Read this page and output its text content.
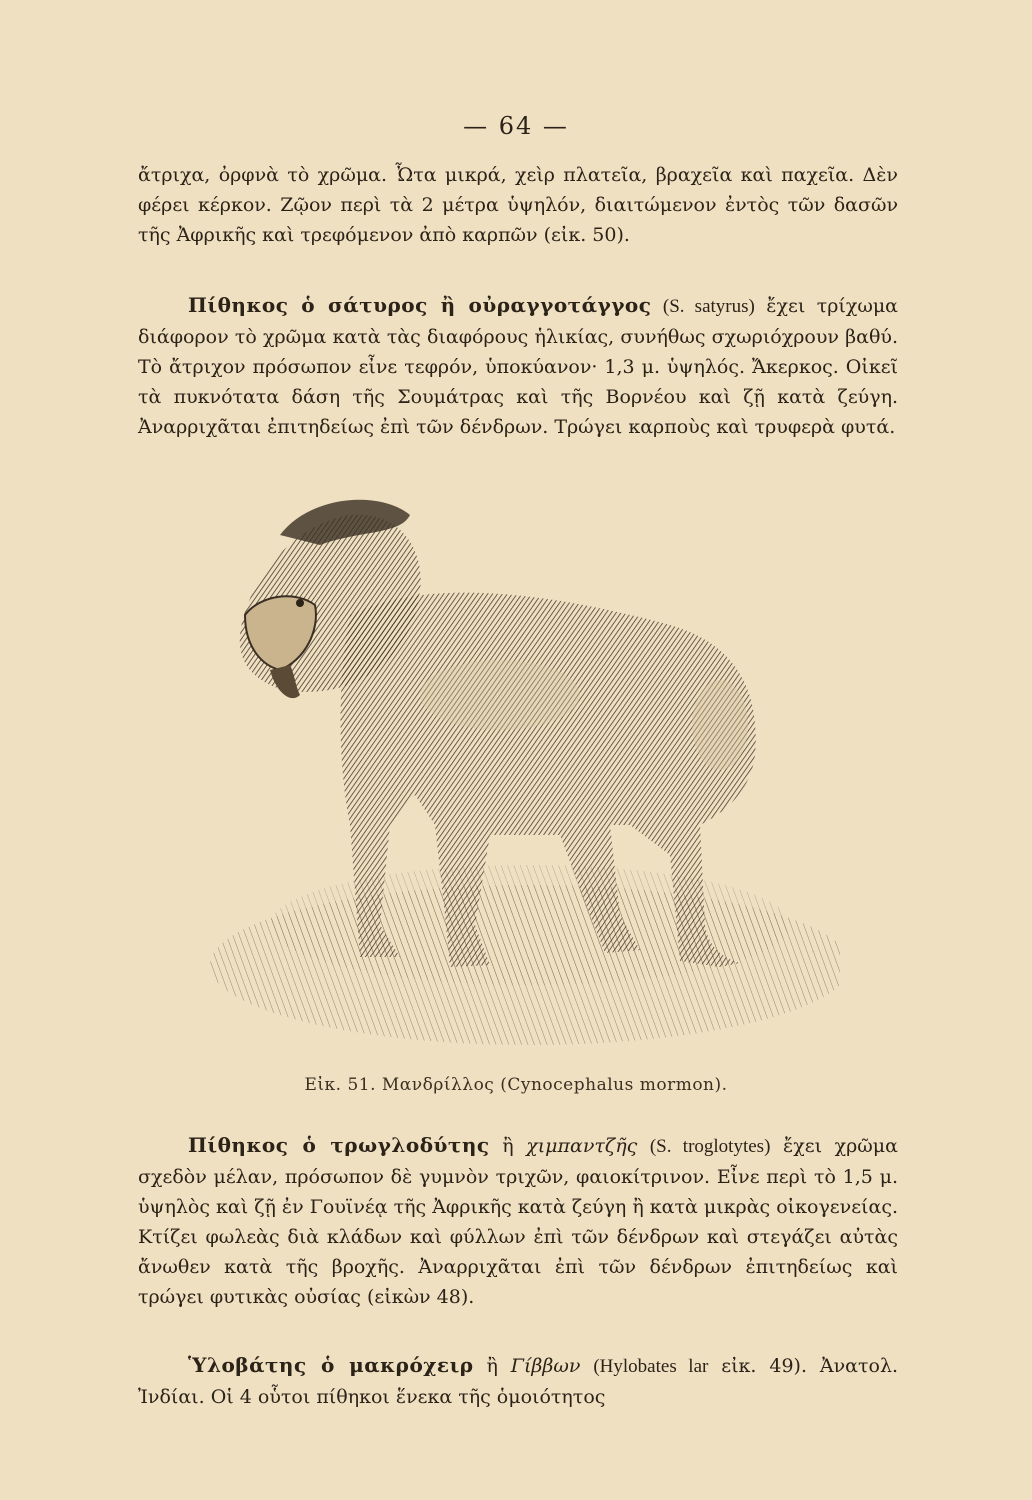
— 64 —
ἄτριχα, ὀρφνὰ τὸ χρῶμα. Ὦτα μικρά, χεὶρ πλατεῖα, βραχεῖα καὶ παχεῖα. Δὲν φέρει κέρκον. Ζῷον περὶ τὰ 2 μέτρα ὑψηλόν, διαιτώμενον ἐντὸς τῶν δασῶν τῆς Ἀφρικῆς καὶ τρεφόμενον ἀπὸ καρπῶν (εἰκ. 50).
Πίθηκος ὁ σάτυρος ἢ οὐραγγοτάγγος (S. satyrus) ἔχει τρίχωμα διάφορον τὸ χρῶμα κατὰ τὰς διαφόρους ἡλικίας, συνήθως σχωριόχρουν βαθύ. Τὸ ἄτριχον πρόσωπον εἶνε τεφρόν, ὑποκύανον· 1,3 μ. ὑψηλός. Ἄκερκος. Οἰκεῖ τὰ πυκνότατα δάση τῆς Σουμάτρας καὶ τῆς Βορνέου καὶ ζῇ κατὰ ζεύγη. Ἀναρριχᾶται ἐπιτηδείως ἐπὶ τῶν δένδρων. Τρώγει καρποὺς καὶ τρυφερὰ φυτά.
Εἰκ. 51. Μανδρίλλος (Cynocephalus mormon).
Πίθηκος ὁ τρωγλοδύτης ἢ χιμπαντζῆς (S. troglotytes) ἔχει χρῶμα σχεδὸν μέλαν, πρόσωπον δὲ γυμνὸν τριχῶν, φαιοκίτρινον. Εἶνε περὶ τὸ 1,5 μ. ὑψηλὸς καὶ ζῇ ἐν Γουϊνέᾳ τῆς Ἀφρικῆς κατὰ ζεύγη ἢ κατὰ μικρὰς οἰκογενείας. Κτίζει φωλεὰς διὰ κλάδων καὶ φύλλων ἐπὶ τῶν δένδρων καὶ στεγάζει αὐτὰς ἄνωθεν κατὰ τῆς βροχῆς. Ἀναρριχᾶται ἐπὶ τῶν δένδρων ἐπιτηδείως καὶ τρώγει φυτικὰς οὐσίας (εἰκὼν 48).
Ὑλοβάτης ὁ μακρόχειρ ἢ Γίββων (Hylobates lar εἰκ. 49). Ἀνατολ. Ἰνδίαι. Οἱ 4 οὗτοι πίθηκοι ἕνεκα τῆς ὁμοιότητος
